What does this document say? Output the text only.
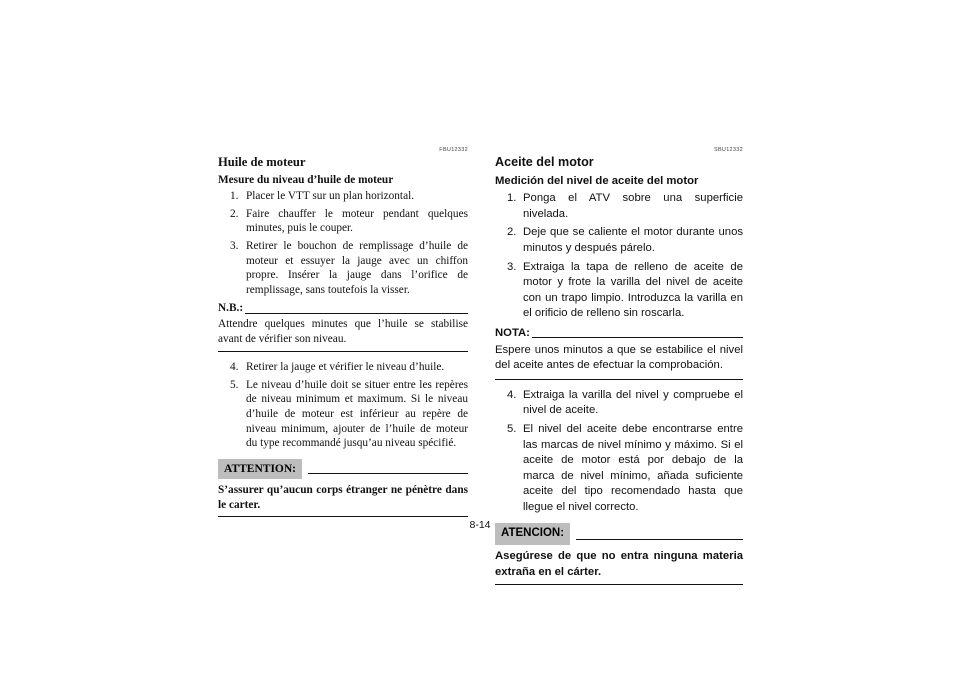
FBU12332
Huile de moteur
Mesure du niveau d’huile de moteur
1. Placer le VTT sur un plan horizontal.
2. Faire chauffer le moteur pendant quelques minutes, puis le couper.
3. Retirer le bouchon de remplissage d’huile de moteur et essuyer la jauge avec un chiffon propre. Insérer la jauge dans l’orifice de remplissage, sans toutefois la visser.
N.B.:
Attendre quelques minutes que l’huile se stabilise avant de vérifier son niveau.
4. Retirer la jauge et vérifier le niveau d’huile.
5. Le niveau d’huile doit se situer entre les repères de niveau minimum et maximum. Si le niveau d’huile de moteur est inférieur au repère de niveau minimum, ajouter de l’huile de moteur du type recommandé jusqu’au niveau spécifié.
ATTENTION:
S’assurer qu’aucun corps étranger ne pénètre dans le carter.
SBU12332
Aceite del motor
Medición del nivel de aceite del motor
1. Ponga el ATV sobre una superficie nivelada.
2. Deje que se caliente el motor durante unos minutos y después párelo.
3. Extraiga la tapa de relleno de aceite de motor y frote la varilla del nivel de aceite con un trapo limpio. Introduzca la varilla en el orificio de relleno sin roscarla.
NOTA:
Espere unos minutos a que se estabilice el nivel del aceite antes de efectuar la comprobación.
4. Extraiga la varilla del nivel y compruebe el nivel de aceite.
5. El nivel del aceite debe encontrarse entre las marcas de nivel mínimo y máximo. Si el aceite de motor está por debajo de la marca de nivel mínimo, añada suficiente aceite del tipo recomendado hasta que llegue el nivel correcto.
ATENCION:
Asegúrese de que no entra ninguna materia extraña en el cárter.
8-14
